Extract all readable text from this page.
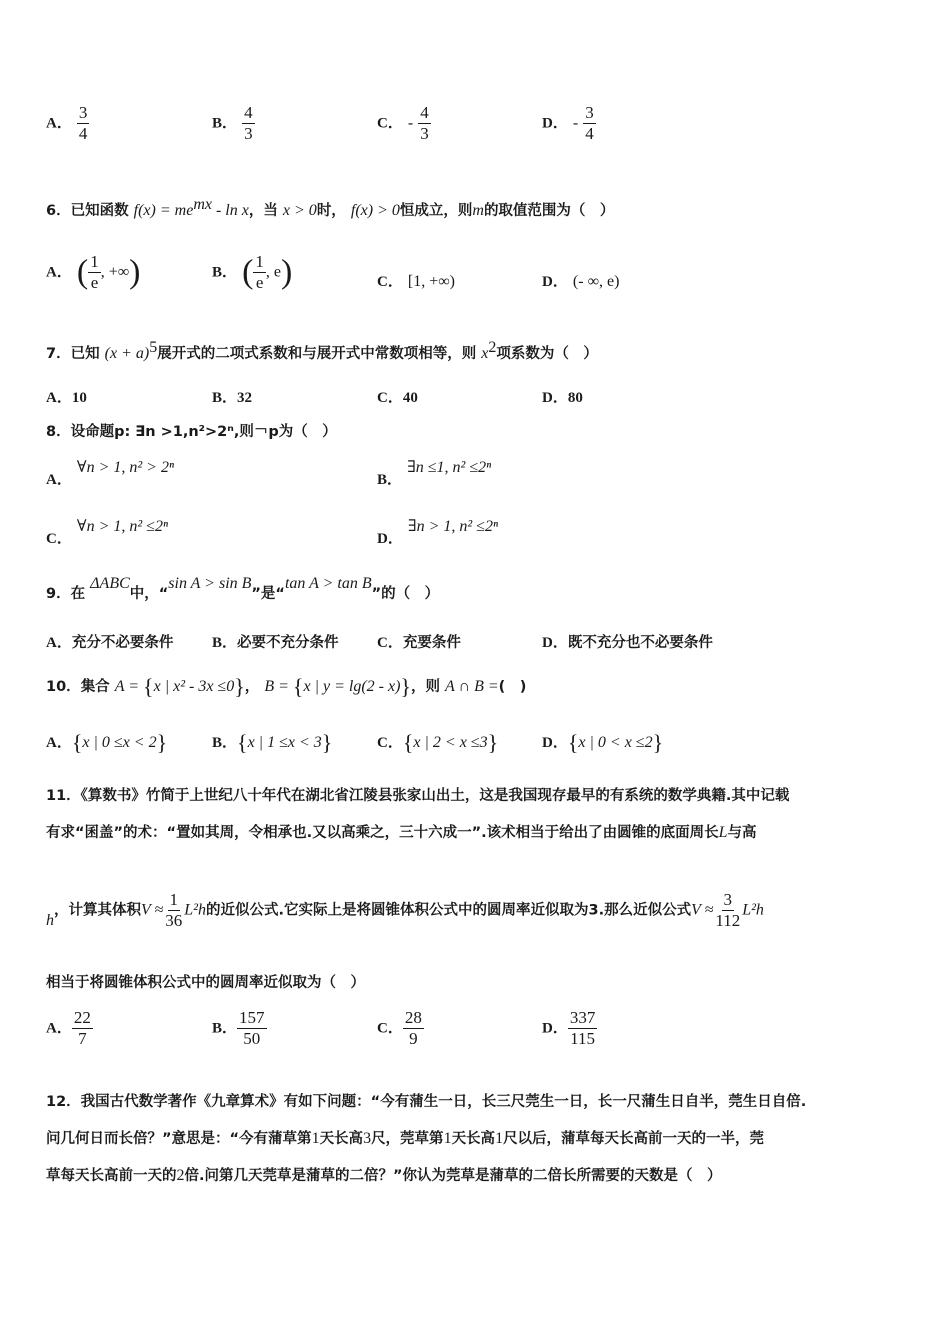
A． $\frac{3}{4}$	B． $\frac{4}{3}$	C． - $\frac{4}{3}$	D． - $\frac{3}{4}$
6．已知函数 $f(x) = me^{mx} - \ln x$，当 x > 0时， f(x) > 0恒成立，则m的取值范围为（　）
A． ( $\frac{1}{e}$ , +∞)	B． ( $\frac{1}{e}$ , e)	C． [1, +∞)	D． (- ∞, e)
7．已知 $(x + a)^5$展开式的二项式系数和与展开式中常数项相等，则 $x^2$项系数为（　）
A．10	B．32	C．40	D．80
8．设命题p: ∃n >1,n²>2ⁿ,则￢p为（　）
A． ∀n > 1, n² > 2ⁿ
B． ∃n ≤1, n² ≤2ⁿ
C． ∀n > 1, n² ≤2ⁿ
D． ∃n > 1, n² ≤2ⁿ
9．在 ΔABC中，“sin A > sin B”是“tan A > tan B”的（　）
A．充分不必要条件	B．必要不充分条件	C．充要条件	D．既不充分也不必要条件
10．集合 A = {x | x² - 3x ≤0}， B = {x | y = lg(2 - x)}，则 A ∩ B =(　)
A．{x | 0 ≤x < 2}	B．{x | 1 ≤x < 3}	C．{x | 2 < x ≤3}	D．{x | 0 < x ≤2}
11．《算数书》竹简于上世纪八十年代在湖北省江陵县张家山出土，这是我国现存最早的有系统的数学典籍.其中记载
有求“囷盖”的术：“置如其周，令相承也.又以高乘之，三十六成一”.该术相当于给出了由圆锥的底面周长L与高
h，计算其体积$V \approx \frac{1}{36} L^2h$的近似公式.它实际上是将圆锥体积公式中的圆周率近似取为3.那么近似公式$V \approx \frac{3}{112} L^2h$
相当于将圆锥体积公式中的圆周率近似取为（　）
A． $\frac{22}{7}$	B． $\frac{157}{50}$	C． $\frac{28}{9}$	D． $\frac{337}{115}$
12．我国古代数学著作《九章算术》有如下问题：“今有蒲生一日，长三尺莞生一日，长一尺蒲生日自半，莞生日自倍.
问几何日而长倍？”意思是：“今有蒲草第1天长高3尺，莞草第1天长高1尺以后，蒲草每天长高前一天的一半，莞
草每天长高前一天的2倍.问第几天莞草是蒲草的二倍？”你认为莞草是蒲草的二倍长所需要的天数是（　）
